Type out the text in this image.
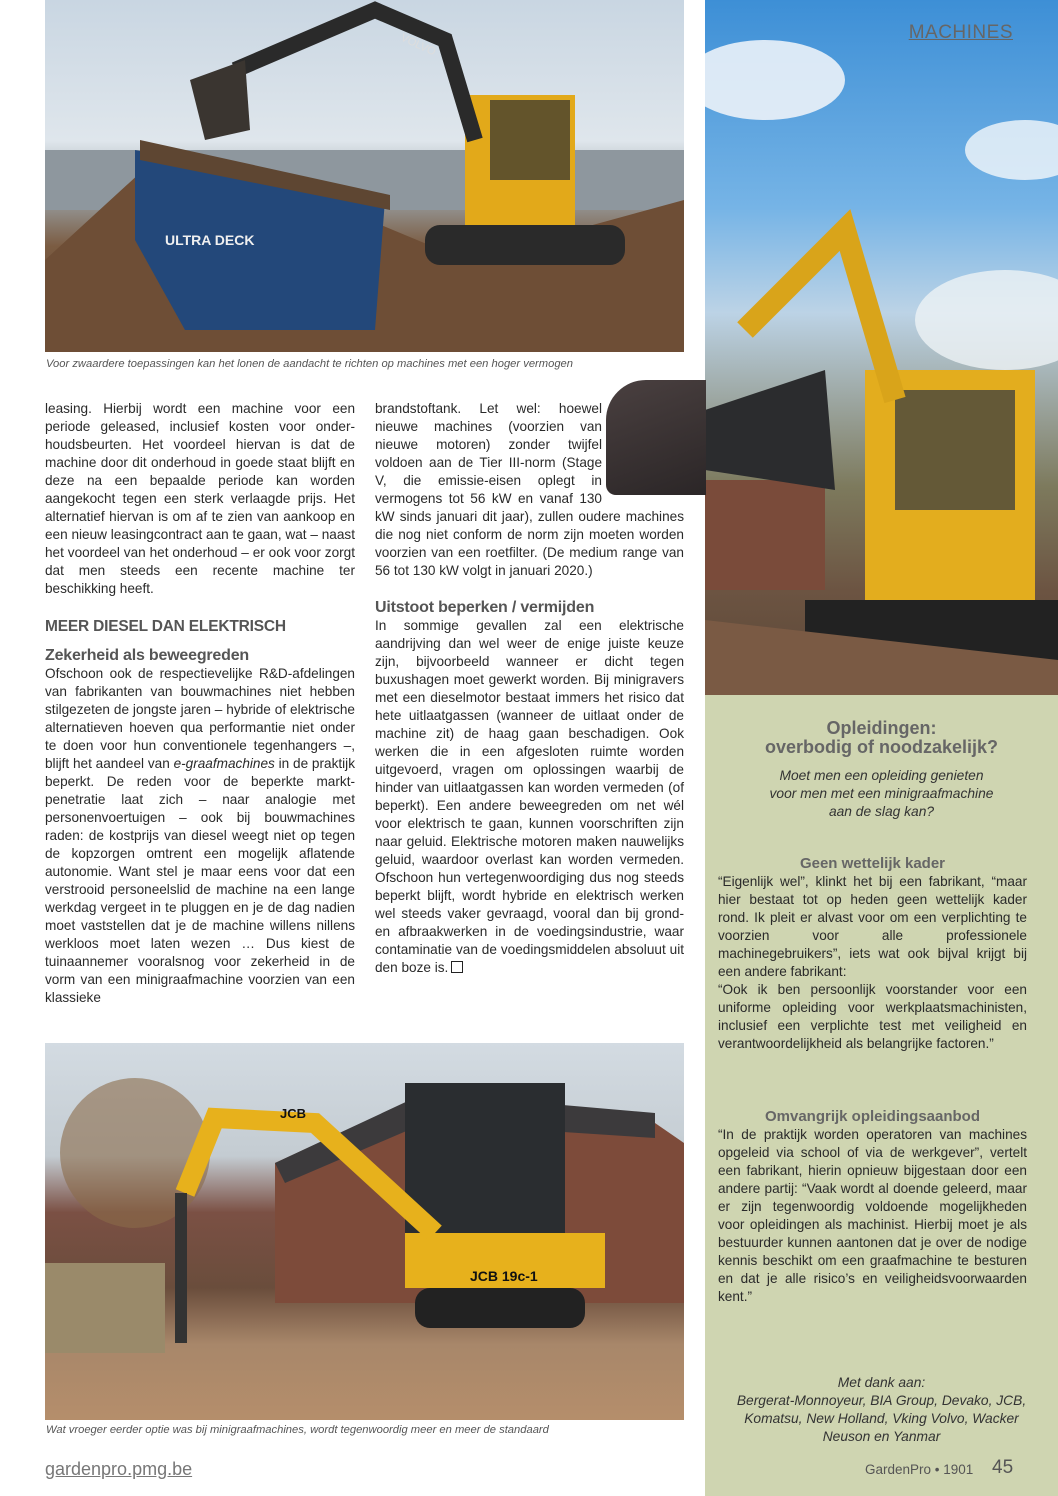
ULTRA DECK
VOLVO
Voor zwaardere toepassingen kan het lonen de aandacht te richten op machines met een hoger vermogen
MACHINES

leasing. Hierbij wordt een machine voor een periode geleased, inclusief kosten voor onderhoudsbeurten. Het voordeel hiervan is dat de machine door dit onderhoud in goede staat blijft en deze na een bepaalde periode kan worden aangekocht tegen een sterk verlaagde prijs. Het alternatief hiervan is om af te zien van aankoop en een nieuw leasingcontract aan te gaan, wat – naast het voordeel van het onderhoud – er ook voor zorgt dat men steeds een recente machine ter beschikking heeft.

MEER DIESEL DAN ELEKTRISCH
Zekerheid als beweegreden

Ofschoon ook de respectievelijke R&D-afdelingen van fabrikanten van bouwmachines niet hebben stilgezeten de jongste jaren – hybride of elektrische alternatieven hoeven qua performantie niet onder te doen voor hun conventionele tegenhangers –, blijft het aandeel van e-graafmachines in de praktijk beperkt. De reden voor de beperkte marktpenetratie laat zich – naar analogie met personenvoertuigen – ook bij bouwmachines raden: de kostprijs van diesel weegt niet op tegen de kopzorgen omtrent een mogelijk aflatende autonomie. Want stel je maar eens voor dat een verstrooid personeelslid de machine na een lange werkdag vergeet in te pluggen en je de dag nadien moet vaststellen dat je de machine willens nillens werkloos moet laten wezen … Dus kiest de tuinaannemer vooralsnog voor zekerheid in de vorm van een minigraafmachine voorzien van een klassieke

brandstoftank. Let wel: hoewel nieuwe machines (voorzien van nieuwe motoren) zonder twijfel voldoen aan de Tier III-norm (Stage V, die emissie-eisen oplegt in vermogens tot 56 kW en vanaf 130 kW sinds januari dit jaar), zullen oudere machines die nog niet conform de norm zijn moeten worden voorzien van een roetfilter. (De medium range van 56 tot 130 kW volgt in januari 2020.)

Uitstoot beperken / vermijden

In sommige gevallen zal een elektrische aandrijving dan wel weer de enige juiste keuze zijn, bijvoorbeeld wanneer er dicht tegen buxushagen moet gewerkt worden. Bij minigravers met een dieselmotor bestaat immers het risico dat hete uitlaatgassen (wanneer de uitlaat onder de machine zit) de haag gaan beschadigen. Ook werken die in een afgesloten ruimte worden uitgevoerd, vragen om oplossingen waarbij de hinder van uitlaatgassen kan worden vermeden (of beperkt). Een andere beweegreden om net wél voor elektrisch te gaan, kunnen voorschriften zijn naar geluid. Elektrische motoren maken nauwelijks geluid, waardoor overlast kan worden vermeden. Ofschoon hun vertegenwoordiging dus nog steeds beperkt blijft, wordt hybride en elektrisch werken wel steeds vaker gevraagd, vooral dan bij grond- en afbraakwerken in de voedingsindustrie, waar contaminatie van de voedingsmiddelen absoluut uit den boze is.

JCB 19c-1
JCB
Wat vroeger eerder optie was bij minigraafmachines, wordt tegenwoordig meer en meer de standaard
Opleidingen:
overbodig of noodzakelijk?
Moet men een opleiding genieten voor men met een minigraafmachine aan de slag kan?
Geen wettelijk kader

“Eigenlijk wel”, klinkt het bij een fabrikant, “maar hier bestaat tot op heden geen wettelijk kader rond. Ik pleit er alvast voor om een verplichting te voorzien voor alle professionele machinegebruikers”, iets wat ook bijval krijgt bij een andere fabrikant:

“Ook ik ben persoonlijk voorstander voor een uniforme opleiding voor werkplaatsmachinisten, inclusief een verplichte test met veiligheid en verantwoordelijkheid als belangrijke factoren.”

Omvangrijk opleidingsaanbod

“In de praktijk worden operatoren van machines opgeleid via school of via de werkgever”, vertelt een fabrikant, hierin opnieuw bijgestaan door een andere partij: “Vaak wordt al doende geleerd, maar er zijn tegenwoordig voldoende mogelijkheden voor opleidingen als machinist. Hierbij moet je als bestuurder kunnen aantonen dat je over de nodige kennis beschikt om een graafmachine te besturen en dat je alle risico’s en veiligheidsvoorwaarden kent.”

Met dank aan:
Bergerat-Monnoyeur, BIA Group, Devako, JCB, Komatsu, New Holland, Vking Volvo, Wacker Neuson en Yanmar
gardenpro.pmg.be	GardenPro • 1901 45
